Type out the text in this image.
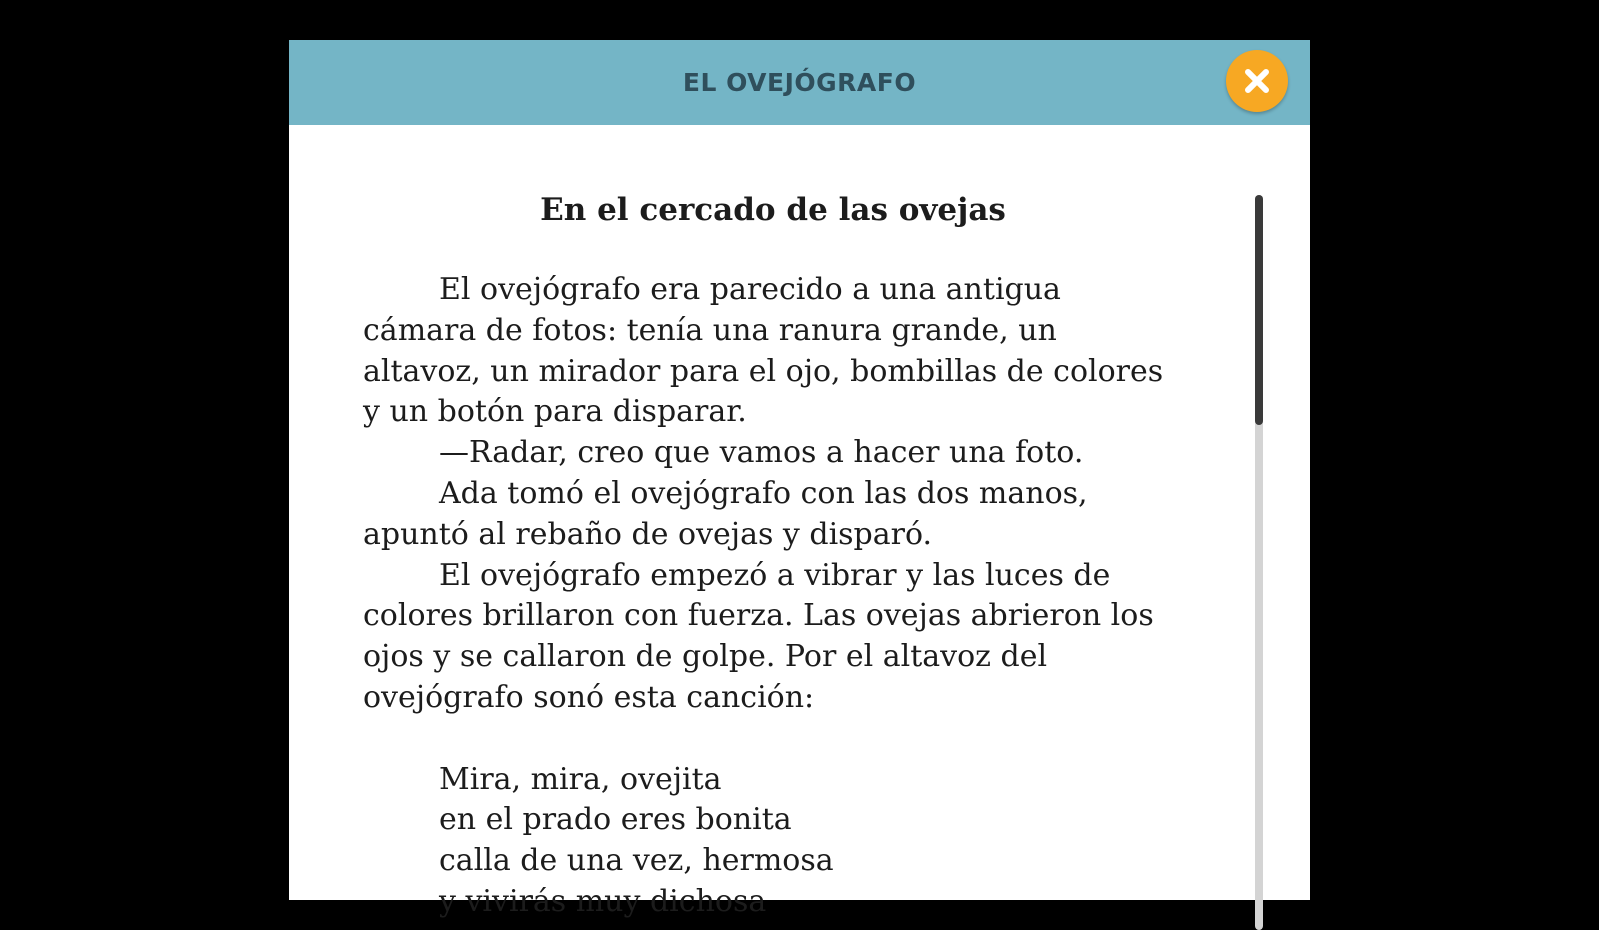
EL OVEJÓGRAFO

En el cercado de las ovejas

El ovejógrafo era parecido a una antigua cámara de fotos: tenía una ranura grande, un altavoz, un mirador para el ojo, bombillas de colores y un botón para disparar.

—Radar, creo que vamos a hacer una foto.

Ada tomó el ovejógrafo con las dos manos, apuntó al rebaño de ovejas y disparó.

El ovejógrafo empezó a vibrar y las luces de colores brillaron con fuerza. Las ovejas abrieron los ojos y se callaron de golpe. Por el altavoz del ovejógrafo sonó esta canción:

Mira, mira, ovejita

en el prado eres bonita

calla de una vez, hermosa

y vivirás muy dichosa
